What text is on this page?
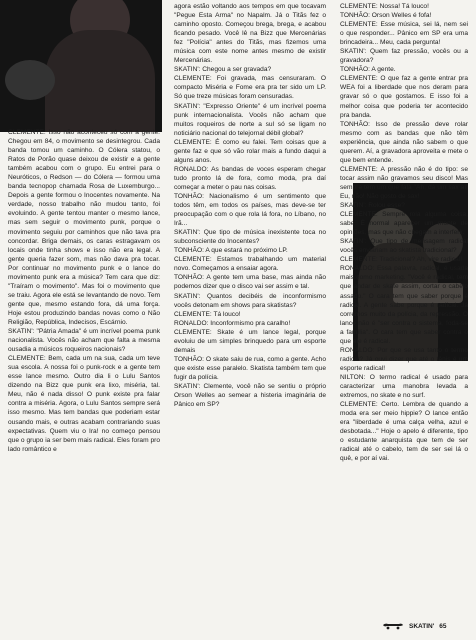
CLEMENTE: Isso não aconteceu só com a gente. Chegou em 84, o movimento se desintegrou. Cada banda tomou um caminho. O Cólera statou, o Ratos de Porão quase deixou de existir e a gente também acabou com o grupo. Eu entrei para o Neuróticos, o Redson — do Cólera — formou uma banda tecnopop chamada Rosa de Luxemburgo... Depois a gente formou o Inocentes novamente. Na verdade, nosso trabalho não mudou tanto, foi evoluindo. A gente tentou manter o mesmo lance, mas sem seguir o movimento punk, porque o movimento seguiu por caminhos que não tava pra concordar. Briga demais, os caras estragavam os locais onde tinha shows e isso não era legal. A gente queria fazer som, mas não dava pra tocar. Por continuar no movimento punk e o lance do movimento punk era a música? Tem cara que diz: "Traíram o movimento". Mas foi o movimento que se traiu. Agora ele está se levantando de novo. Tem gente que, mesmo estando fora, dá uma força. Hoje estou produzindo bandas novas como o Não Religião, República, Indecisos, Escárnio.
SKATIN': "Pátria Amada" é um incrível poema punk nacionalista. Vocês não acham que falta a mesma ousadia a músicos roqueiros nacionais?
CLEMENTE: Bem, cada um na sua, cada um teve sua escola. A nossa foi o punk-rock e a gente tem esse lance mesmo. Outro dia li o Lulu Santos dizendo na Bizz que punk era lixo, miséria, tal. Meu, não é nada disso! O punk existe pra falar contra a miséria. Agora, o Lulu Santos sempre será isso mesmo. Mas tem bandas que poderiam estar ousando mais, e outras acabam contrariando suas expectativas. Quem viu o Ira! no começo pensou que o grupo ia ser bem mais radical. Eles foram pro lado romântico e
agora estão voltando aos tempos em que tocavam "Pegue Esta Arma" no Napalm. Já o Titãs fez o caminho oposto. Começou brega, brega, e acabou ficando pesado. Você lê na Bizz que Mercenárias fez "Polícia" antes do Titãs, mas fizemos uma música com este nome antes mesmo de existir Mercenárias.
SKATIN': Chegou a ser gravada?
CLEMENTE: Foi gravada, mas censuraram. O compacto Miséria e Fome era pra ter sido um LP. Só que treze músicas foram censuradas.
SKATIN': "Expresso Oriente" é um incrível poema punk internacionalista. Vocês não acham que muitos roqueiros de norte a sul só se ligam no noticiário nacional do telejornal débil global?
CLEMENTE: É como eu falei. Tem coisas que a gente faz e que só vão rolar mais a fundo daqui a alguns anos.
RONALDO: As bandas de voces esperam chegar tudo pronto lá de fora, como moda, pra daí começar a meter o pau nas coisas.
TONHÃO: Nacionalismo é um sentimento que todos têm, em todos os países, mas deve-se ter preocupação com o que rola lá fora, no Líbano, no Irã...
SKATIN': Que tipo de música inexistente toca no subconsciente do Inocentes?
TONHÃO: A que estará no próximo LP.
CLEMENTE: Estamos trabalhando um material novo. Começamos a ensaiar agora.
TONHÃO: A gente tem uma base, mas ainda não podemos dizer que o disco vai ser assim e tal.
SKATIN': Quantos decibéis de inconformismo vocês detonam em shows para skatistas?
CLEMENTE: Tá louco!
RONALDO: Inconformismo pra caralho!
CLEMENTE: Skate é um lance legal, porque evoluiu de um simples brinquedo para um esporte demais
TONHÃO: O skate saiu de rua, como a gente. Acho que existe esse paralelo. Skatista também tem que fugir da polícia.
SKATIN': Clemente, você não se sentiu o próprio Orson Welles ao semear a histeria imaginária de Pânico em SP?
CLEMENTE: Nossa! Tá louco!
TONHÃO: Orson Welles é fofa!
CLEMENTE: Esse música, sei lá, nem sei o que responder... Pânico em SP era uma brincadeira... Meu, cada pergunta!
SKATIN': Quem faz pressão, vocês ou a gravadora?
TONHÃO: A gente.
CLEMENTE: O que faz a gente entrar pra WEA foi a liberdade que nos deram para gravar só o que gostamos. E isso foi a melhor coisa que poderia ter acontecido pra banda.
TONHÃO: Isso de pressão deve rolar mesmo com as bandas que não têm experiência, que ainda não sabem o que querem. Aí, a gravadora aproveita e mete o que bem entende.
CLEMENTE: A pressão não é do tipo: se tocar assim não gravamos seu disco! Mas sempre tem um que fala "Ah, dá um sax aí! Eu, não! Não gosto de sax!
SKATIN': Rolou esse?
CLEMENTE: Sempre rola alguma coisa, sabe. É normal aparecer um monte de opiniões, mas que não chegam a interferir.
SKATIN': Que tipo de mensagem radical vocês enviariam ao skatista tradicional?
CLEMENTE: Tradicional? Ah, vire radical!
RONALDO: Essa palavra, radical, é usada mais como marketing. "Você é radical, tem que andar de skate assim, cortar o cabelo assado." O cara tem que saber porque é radical. A gente sabe porque é radical. Já corremos muito da polícia, da repressão. O lance não é "ser contra o sistema, foda-se a família". O cara tem que saber contra o que ele é radical.
RONALDO: Por que se usa tanto o termo radical? Já ouvi dizer que até o tênis é um esporte radical!
NILTON: O termo radical é usado para caracterizar uma manobra levada a extremos, no skate e no surf.
CLEMENTE: Certo. Lembra de quando a moda era ser meio hippie? O lance então era "liberdade é uma calça velha, azul e desbotada..." Hoje o apelo é diferente, tipo o estudante anarquista que tem de ser radical até o cabelo, tem de ser sei lá o quê, e por aí vai.
SKATIN' 65
